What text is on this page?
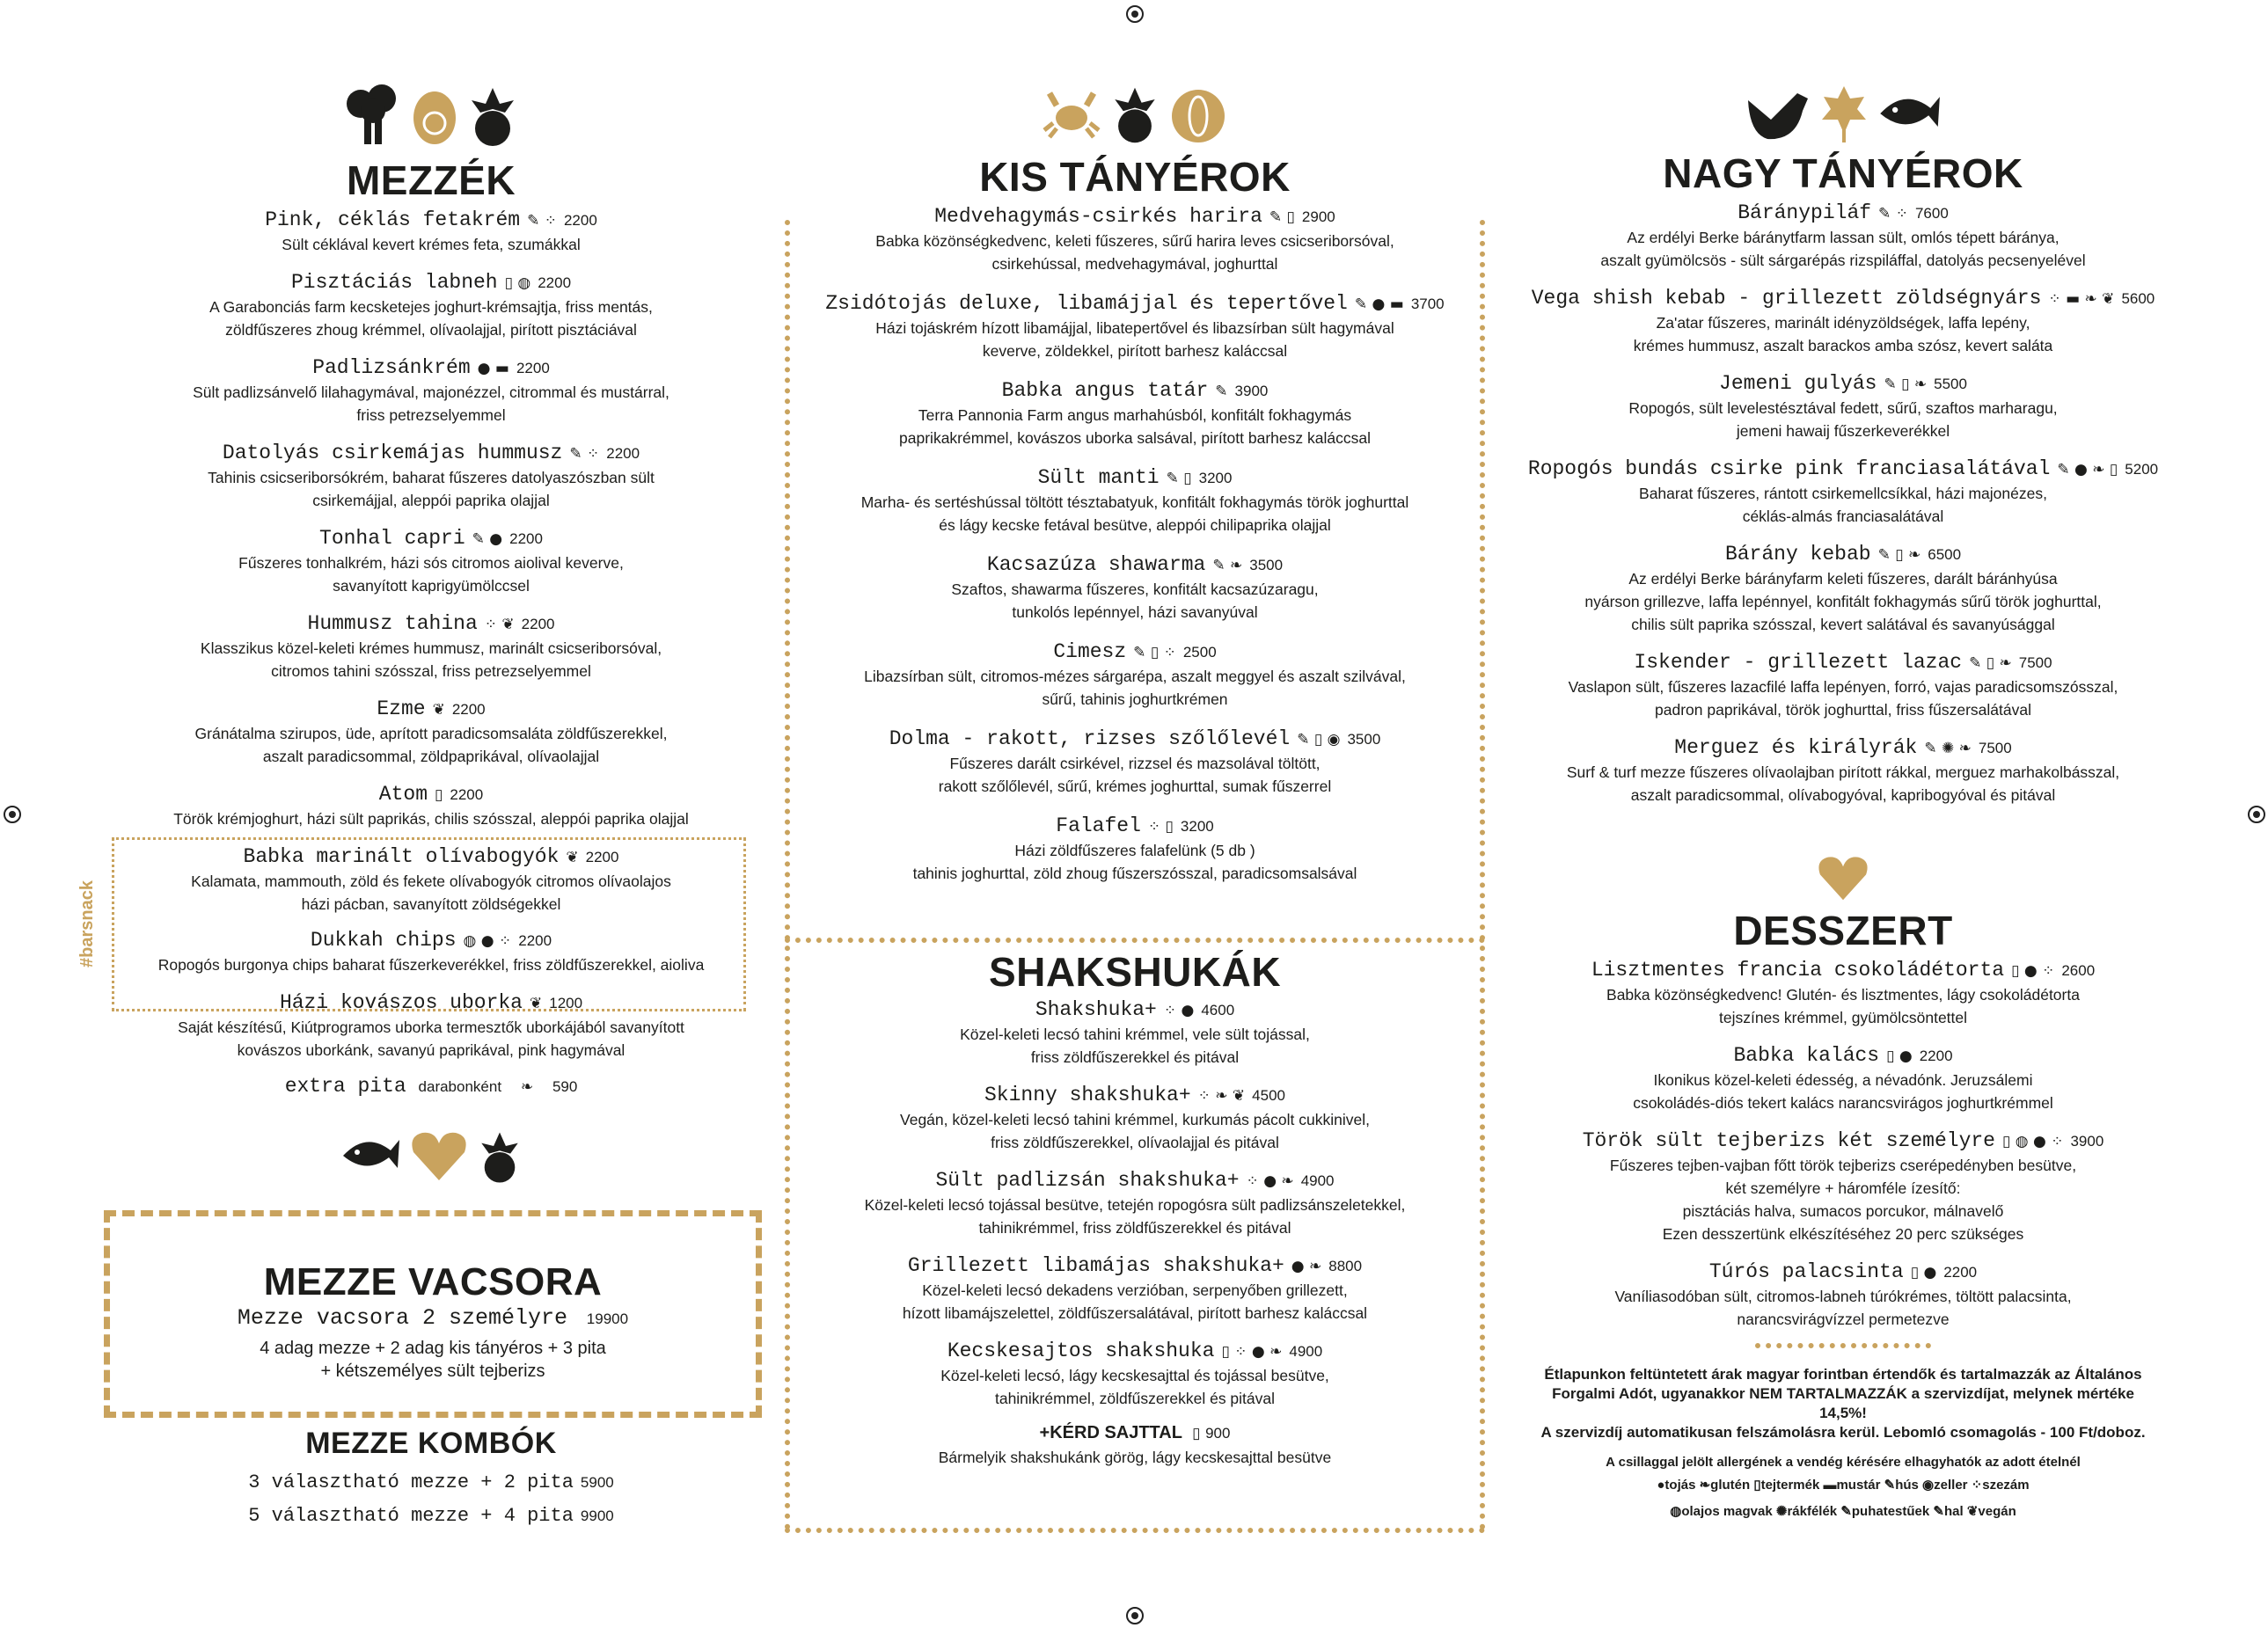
MEZZÉK
Pink, céklás fetakrém ✎ ⁘ 2200
Sült céklával kevert krémes feta, szumákkal
Pisztáciás labneh ▯ ◍ 2200
A Garabonciás farm kecsketejes joghurt-krémsajtja, friss mentás,
zöldfűszeres zhoug krémmel, olívaolajjal, pirított pisztáciával
Padlizsánkrém ● ▬ 2200
Sült padlizsánvelő lilahagymával, majonézzel, citrommal és mustárral,
friss petrezselyemmel
Datolyás csirkemájas hummusz ✎ ⁘ 2200
Tahinis csicseriborsókrém, baharat fűszeres datolyaszószban sült
csirkemájjal, aleppói paprika olajjal
Tonhal capri ✎ ● 2200
Fűszeres tonhalkrém, házi sós citromos aiolival keverve,
savanyított kaprigyümölccsel
Hummusz tahina ⁘ ❦ 2200
Klasszikus közel-keleti krémes hummusz, marinált csicseriborsóval,
citromos tahini szósszal, friss petrezselyemmel
Ezme ❦ 2200
Gránátalma szirupos, üde, aprított paradicsomsaláta zöldfűszerekkel,
aszalt paradicsommal, zöldpaprikával, olívaolajjal
Atom ▯ 2200
Török krémjoghurt, házi sült paprikás, chilis szósszal, aleppói paprika olajjal
Babka marinált olívabogyók ❦ 2200
Kalamata, mammouth, zöld és fekete olívabogyók citromos olívaolajos
házi pácban, savanyított zöldségekkel
Dukkah chips ◍ ● ⁘ 2200
Ropogós burgonya chips baharat fűszerkeverékkel, friss zöldfűszerekkel, aioliva
Házi kovászos uborka ❦ 1200
Saját készítésű, Kiútprogramos uborka termesztők uborkájából savanyított
kovászos uborkánk, savanyú paprikával, pink hagymával
extra pita darabonként ❧ 590
#barsnack
MEZZE VACSORA
Mezze vacsora 2 személyre 19900
4 adag mezze + 2 adag kis tányéros + 3 pita
+ kétszemélyes sült tejberizs
MEZZE KOMBÓK
3 választható mezze + 2 pita 5900
5 választható mezze + 4 pita 9900
KIS TÁNYÉROK
Medvehagymás-csirkés harira ✎ ▯ 2900
Babka közönségkedvenc, keleti fűszeres, sűrű harira leves csicseriborsóval,
csirkehússal, medvehagymával, joghurttal
Zsidótojás deluxe, libamájjal és tepertővel ✎ ● ▬ 3700
Házi tojáskrém hízott libamájjal, libatepertővel és libazsírban sült hagymával
keverve, zöldekkel, pirított barhesz kaláccsal
Babka angus tatár ✎ 3900
Terra Pannonia Farm angus marhahúsból, konfitált fokhagymás
paprikakrémmel, kovászos uborka salsával, pirított barhesz kaláccsal
Sült manti ✎ ▯ 3200
Marha- és sertéshússal töltött tésztabatyuk, konfitált fokhagymás török joghurttal
és lágy kecske fetával besütve, aleppói chilipaprika olajjal
Kacsazúza shawarma ✎ ❧ 3500
Szaftos, shawarma fűszeres, konfitált kacsazúzaragu,
tunkolós lepénnyel, házi savanyúval
Cimesz ✎ ▯ ⁘ 2500
Libazsírban sült, citromos-mézes sárgarépa, aszalt meggyel és aszalt szilvával,
sűrű, tahinis joghurtkrémen
Dolma - rakott, rizses szőlőlevél ✎ ▯ ◉ 3500
Fűszeres darált csirkével, rizzsel és mazsolával töltött,
rakott szőlőlevél, sűrű, krémes joghurttal, sumak fűszerrel
Falafel ⁘ ▯ 3200
Házi zöldfűszeres falafelünk (5 db )
tahinis joghurttal, zöld zhoug fűszerszósszal, paradicsomsalsával
SHAKSHUKÁK
Shakshuka+ ⁘ ● 4600
Közel-keleti lecsó tahini krémmel, vele sült tojással,
friss zöldfűszerekkel és pitával
Skinny shakshuka+ ⁘ ❧ ❦ 4500
Vegán, közel-keleti lecsó tahini krémmel, kurkumás pácolt cukkinivel,
friss zöldfűszerekkel, olívaolajjal és pitával
Sült padlizsán shakshuka+ ⁘ ● ❧ 4900
Közel-keleti lecsó tojással besütve, tetején ropogósra sült padlizsánszeletekkel,
tahinikrémmel, friss zöldfűszerekkel és pitával
Grillezett libamájas shakshuka+ ● ❧ 8800
Közel-keleti lecsó dekadens verzióban, serpenyőben grillezett,
hízott libamájszelettel, zöldfűszersalátával, pirított barhesz kaláccsal
Kecskesajtos shakshuka ▯ ⁘ ● ❧ 4900
Közel-keleti lecsó, lágy kecskesajttal és tojással besütve,
tahinikrémmel, zöldfűszerekkel és pitával
+KÉRD SAJTTAL ▯ 900
Bármelyik shakshukánk görög, lágy kecskesajttal besütve
NAGY TÁNYÉROK
Báránypiláf ✎ ⁘ 7600
Az erdélyi Berke báránytfarm lassan sült, omlós tépett báránya,
aszalt gyümölcsös - sült sárgarépás rizspiláffal, datolyás pecsenyelével
Vega shish kebab - grillezett zöldségnyárs ⁘ ▬ ❧ ❦ 5600
Za'atar fűszeres, marinált idényzöldségek, laffa lepény,
krémes hummusz, aszalt barackos amba szósz, kevert saláta
Jemeni gulyás ✎ ▯ ❧ 5500
Ropogós, sült levelestésztával fedett, sűrű, szaftos marharagu,
jemeni hawaij fűszerkeverékkel
Ropogós bundás csirke pink franciasalátával ✎ ● ❧ ▯ 5200
Baharat fűszeres, rántott csirkemellcsíkkal, házi majonézes,
céklás-almás franciasalátával
Bárány kebab ✎ ▯ ❧ 6500
Az erdélyi Berke bárányfarm keleti fűszeres, darált báránhyúsa
nyárson grillezve, laffa lepénnyel, konfitált fokhagymás sűrű török joghurttal,
chilis sült paprika szósszal, kevert salátával és savanyúsággal
Iskender - grillezett lazac ✎ ▯ ❧ 7500
Vaslapon sült, fűszeres lazacfilé laffa lepényen, forró, vajas paradicsomszósszal,
padron paprikával, török joghurttal, friss fűszersalátával
Merguez és királyrák ✎ ✺ ❧ 7500
Surf & turf mezze fűszeres olívaolajban pirított rákkal, merguez marhakolbásszal,
aszalt paradicsommal, olívabogyóval, kapribogyóval és pitával
DESSZERT
Lisztmentes francia csokoládétorta ▯ ● ⁘ 2600
Babka közönségkedvenc! Glutén- és lisztmentes, lágy csokoládétorta
tejszínes krémmel, gyümölcsöntettel
Babka kalács ▯ ● 2200
Ikonikus közel-keleti édesség, a névadónk. Jeruzsálemi
csokoládés-diós tekert kalács narancsvirágos joghurtkrémmel
Török sült tejberizs két személyre ▯ ◍ ● ⁘ 3900
Fűszeres tejben-vajban főtt török tejberizs cserépedényben besütve,
két személyre + háromféle ízesítő:
pisztáciás halva, sumacos porcukor, málnavelő
Ezen desszertünk elkészítéséhez 20 perc szükséges
Túrós palacsinta ▯ ● 2200
Vaníliasodóban sült, citromos-labneh túrókrémes, töltött palacsinta,
narancsvirágvízzel permetezve
Étlapunkon feltüntetett árak magyar forintban értendők és tartalmazzák az Általános
Forgalmi Adót, ugyanakkor NEM TARTALMAZZÁK a szervizdíjat, melynek mértéke 14,5%!
A szervizdíj automatikusan felszámolásra kerül. Lebomló csomagolás - 100 Ft/doboz.
A csillaggal jelölt allergének a vendég kérésére elhagyhatók az adott ételnél
●tojás ❧glutén ▯tejtermék ▬mustár ✎hús ◉zeller ⁘szezám
◍olajos magvak ✺rákfélék ✎puhatestűek ✎hal ❦vegán
